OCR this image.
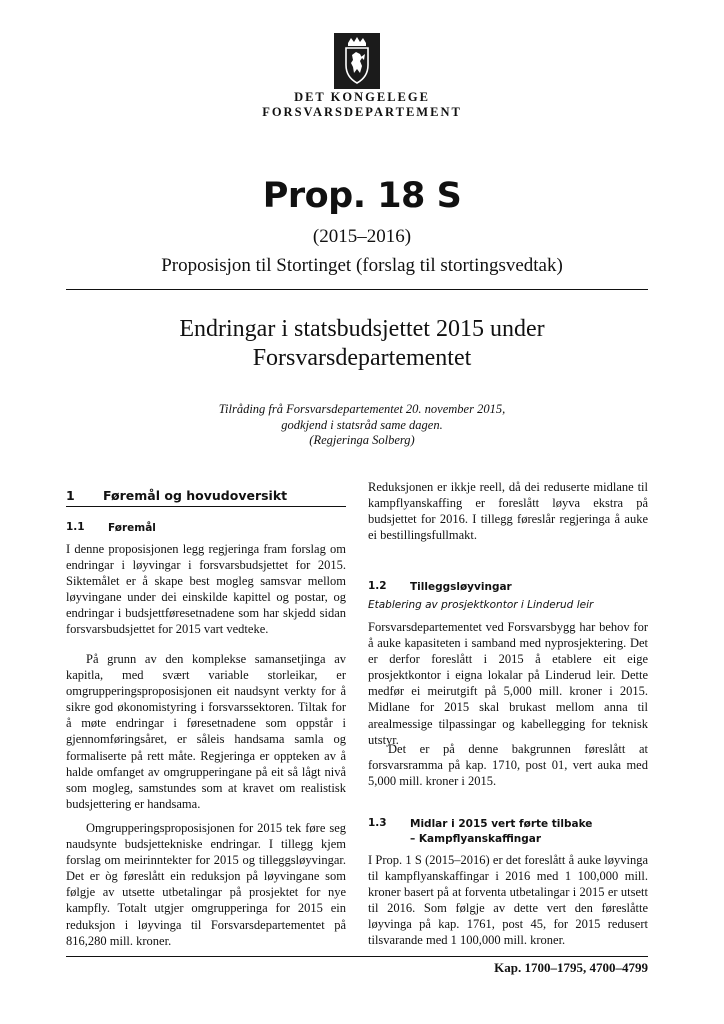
DET KONGELEGE
FORSVARSDEPARTEMENT
Prop. 18 S
(2015–2016)
Proposisjon til Stortinget (forslag til stortingsvedtak)
Endringar i statsbudsjettet 2015 under
Forsvarsdepartementet
Tilråding frå Forsvarsdepartementet 20. november 2015,
godkjend i statsråd same dagen.
(Regjeringa Solberg)
1 Føremål og hovudoversikt
1.1 Føremål
I denne proposisjonen legg regjeringa fram forslag om endringar i løyvingar i forsvarsbudsjettet for 2015. Siktemålet er å skape best mogleg samsvar mellom løyvingane under dei einskilde kapittel og postar, og endringar i budsjettføresetnadene som har skjedd sidan forsvarsbudsjettet for 2015 vart vedteke.
På grunn av den komplekse samansetjinga av kapitla, med svært variable storleikar, er omgrupperingsproposisjonen eit naudsynt verkty for å sikre god økonomistyring i forsvarssektoren. Tiltak for å møte endringar i føresetnadene som oppstår i gjennomføringsåret, er såleis handsama samla og formaliserte på rett måte. Regjeringa er oppteken av å halde omfanget av omgrupperingane på eit så lågt nivå som mogleg, samstundes som at kravet om realistisk budsjettering er handsama.
Omgrupperingsproposisjonen for 2015 tek føre seg naudsynte budsjettekniske endringar. I tillegg kjem forslag om meirinntekter for 2015 og tilleggsløyvingar. Det er òg føreslått ein reduksjon på løyvingane som følgje av utsette utbetalingar på prosjektet for nye kampfly. Totalt utgjer omgrupperinga for 2015 ein reduksjon i løyvinga til Forsvarsdepartementet på 816,280 mill. kroner.
Reduksjonen er ikkje reell, då dei reduserte midlane til kampflyanskaffing er foreslått løyva ekstra på budsjettet for 2016. I tillegg føreslår regjeringa å auke ei bestillingsfullmakt.
1.2 Tilleggsløyvingar
Etablering av prosjektkontor i Linderud leir
Forsvarsdepartementet ved Forsvarsbygg har behov for å auke kapasiteten i samband med nyprosjektering. Det er derfor foreslått i 2015 å etablere eit eige prosjektkontor i eigna lokalar på Linderud leir. Dette medfør ei meirutgift på 5,000 mill. kroner i 2015. Midlane for 2015 skal brukast mellom anna til arealmessige tilpassingar og kabellegging for teknisk utstyr.
Det er på denne bakgrunnen føreslått at forsvarsramma på kap. 1710, post 01, vert auka med 5,000 mill. kroner i 2015.
1.3 Midlar i 2015 vert førte tilbake
– Kampflyanskaffingar
I Prop. 1 S (2015–2016) er det foreslått å auke løyvinga til kampflyanskaffingar i 2016 med 1 100,000 mill. kroner basert på at forventa utbetalingar i 2015 er utsett til 2016. Som følgje av dette vert den føreslåtte løyvinga på kap. 1761, post 45, for 2015 redusert tilsvarande med 1 100,000 mill. kroner.
Kap. 1700–1795, 4700–4799
